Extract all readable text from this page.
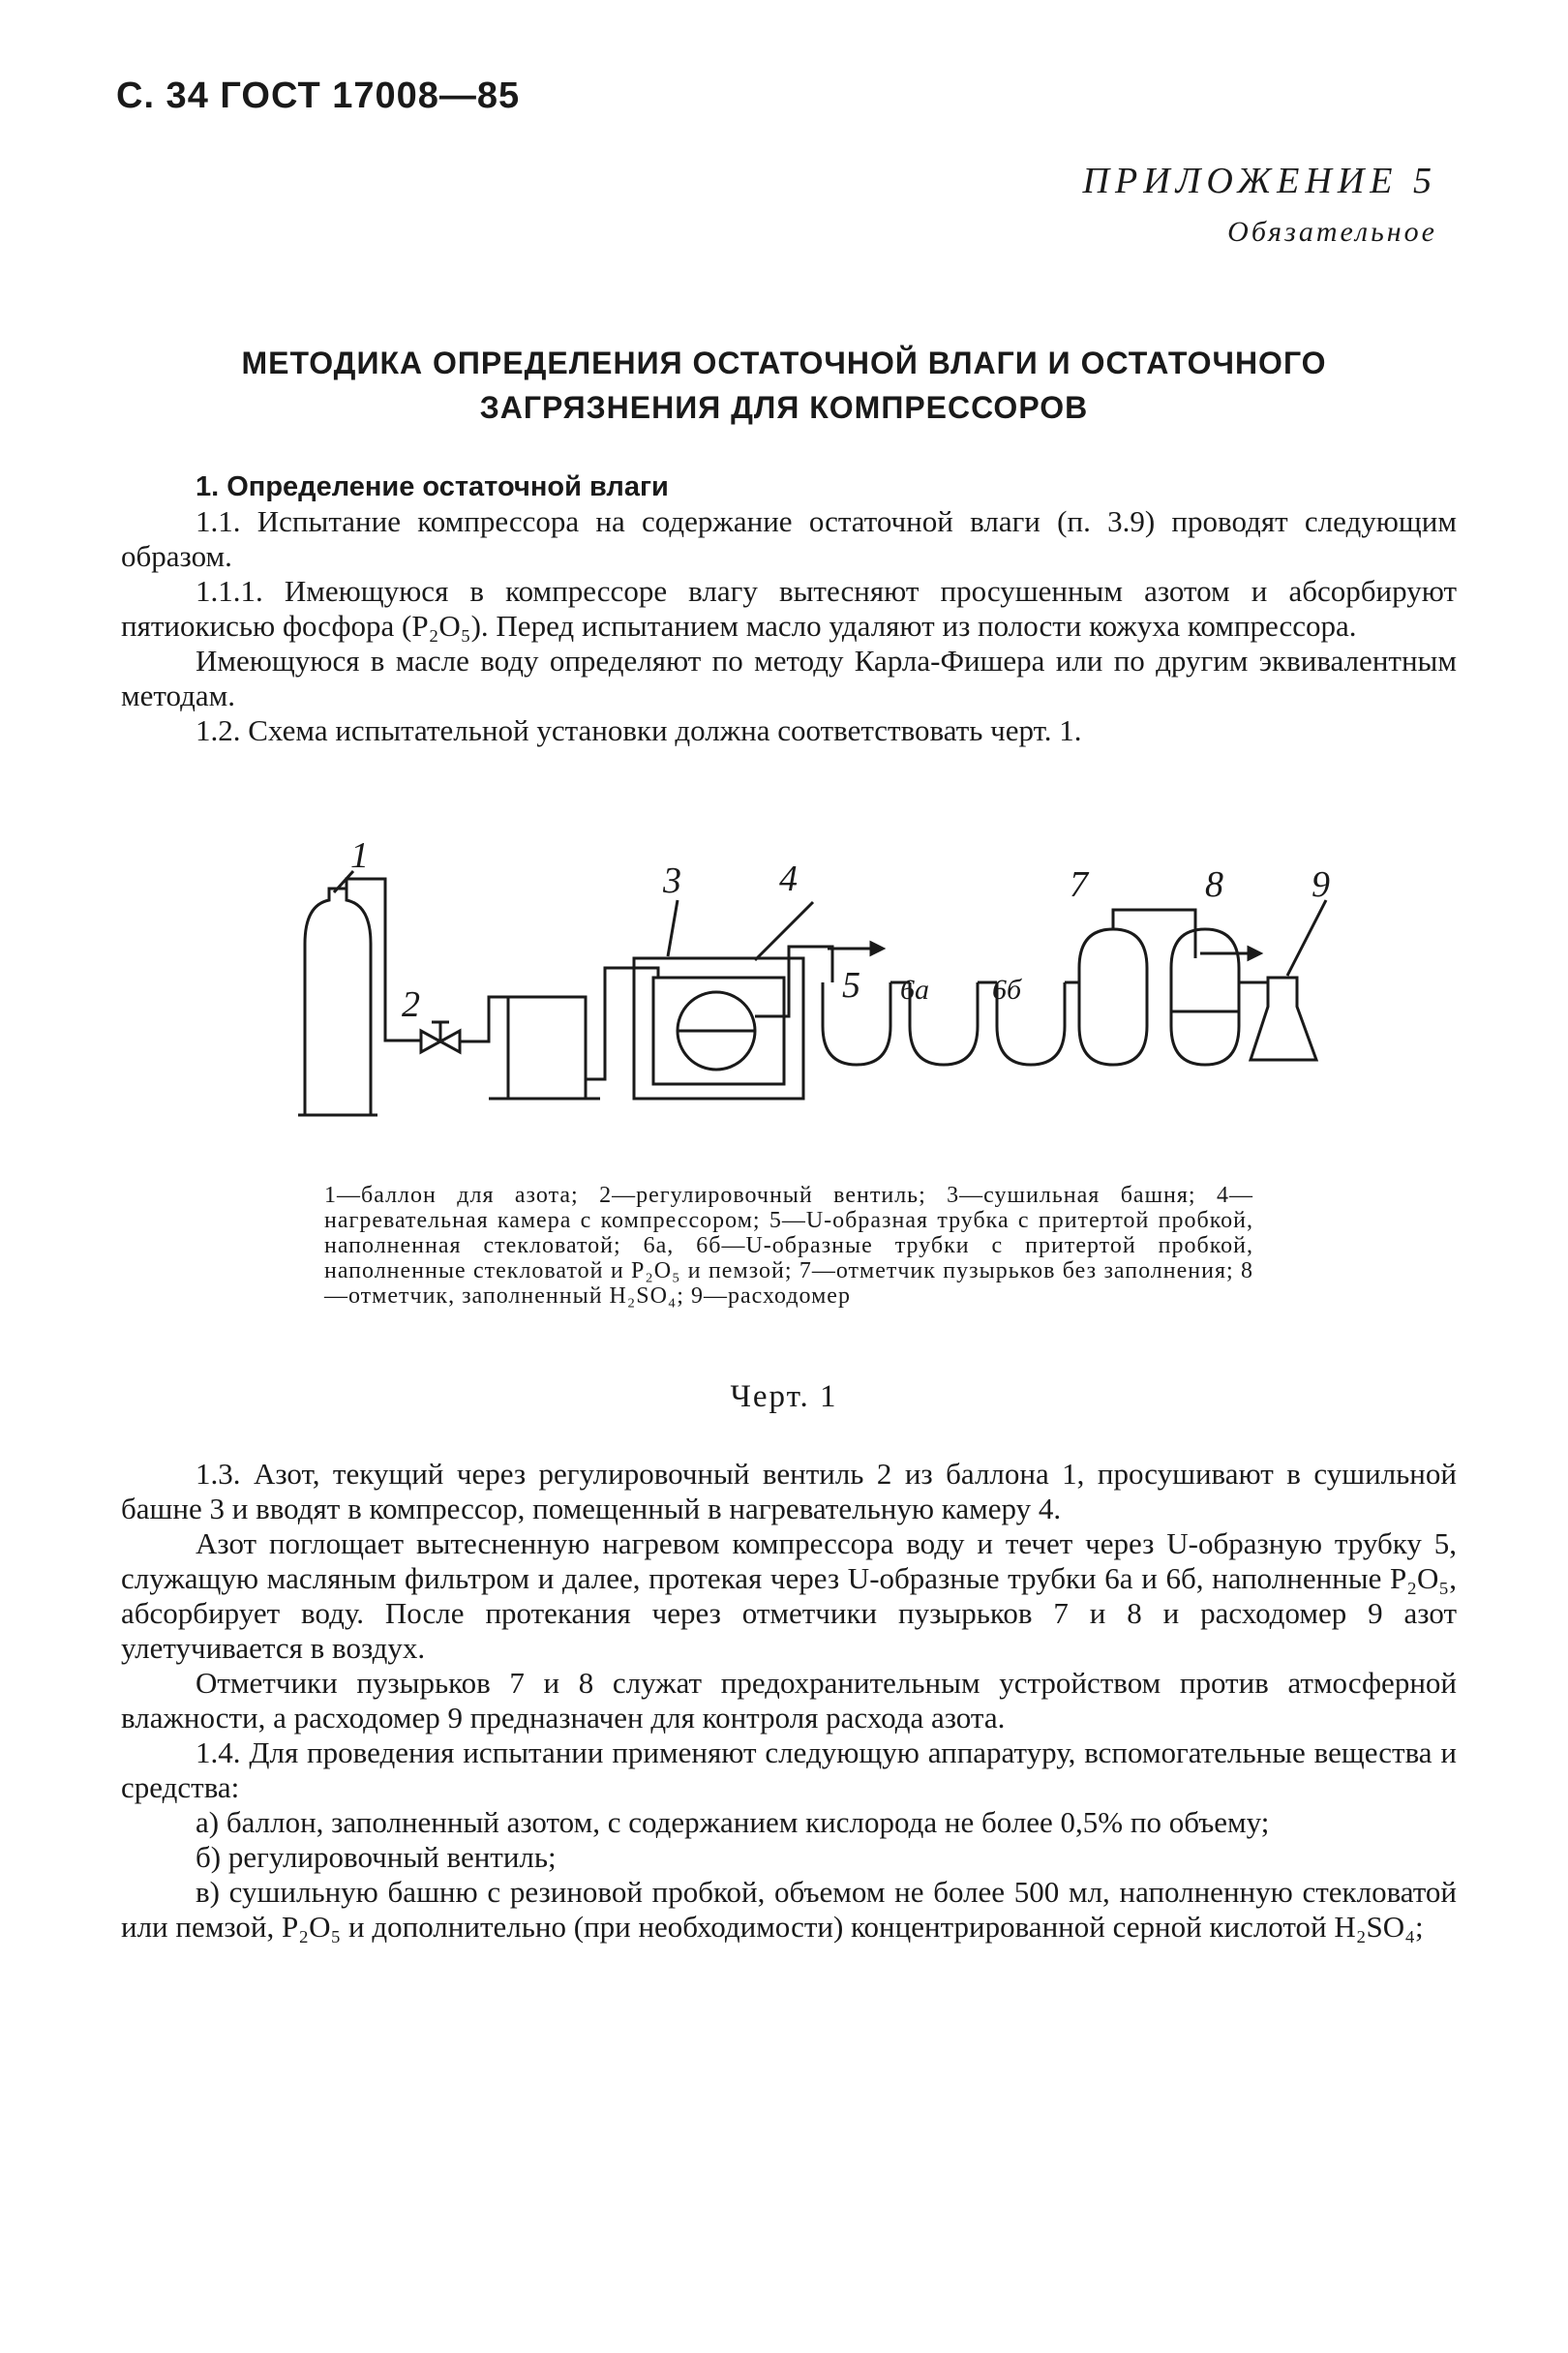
С. 34 ГОСТ 17008—85
ПРИЛОЖЕНИЕ 5
Обязательное
МЕТОДИКА ОПРЕДЕЛЕНИЯ ОСТАТОЧНОЙ ВЛАГИ И ОСТАТОЧНОГО
ЗАГРЯЗНЕНИЯ ДЛЯ КОМПРЕССОРОВ

1. Определение остаточной влаги

1.1. Испытание компрессора на содержание остаточной влаги (п. 3.9) проводят следующим образом.

1.1.1. Имеющуюся в компрессоре влагу вытесняют просушенным азотом и абсорбируют пятиокисью фосфора (P₂O₅). Перед испытанием масло удаляют из полости кожуха компрессора.

Имеющуюся в масле воду определяют по методу Карла-Фишера или по другим эквивалентным методам.

1.2. Схема испытательной установки должна соответствовать черт. 1.

1
2
3	4
5 6а 6б
7	8 9
1—баллон для азота; 2—регулировочный вентиль; 3—сушильная башня; 4—нагревательная камера с компрессором; 5—U-образная трубка с притертой пробкой, наполненная стекловатой; 6а, 6б—U-образные трубки с притертой пробкой, наполненные стекловатой и P₂O₅ и пемзой; 7—отметчик пузырьков без заполнения; 8—отметчик, заполненный H₂SO₄; 9—расходомер
Черт. 1

1.3. Азот, текущий через регулировочный вентиль 2 из баллона 1, просушивают в сушильной башне 3 и вводят в компрессор, помещенный в нагревательную камеру 4.

Азот поглощает вытесненную нагревом компрессора воду и течет через U-образную трубку 5, служащую масляным фильтром и далее, протекая через U-образные трубки 6а и 6б, наполненные P₂O₅, абсорбирует воду. После протекания через отметчики пузырьков 7 и 8 и расходомер 9 азот улетучивается в воздух.

Отметчики пузырьков 7 и 8 служат предохранительным устройством против атмосферной влажности, а расходомер 9 предназначен для контроля расхода азота.

1.4. Для проведения испытании применяют следующую аппаратуру, вспомогательные вещества и средства:

а) баллон, заполненный азотом, с содержанием кислорода не более 0,5% по объему;

б) регулировочный вентиль;

в) сушильную башню с резиновой пробкой, объемом не более 500 мл, наполненную стекловатой или пемзой, P₂O₅ и дополнительно (при необходимости) концентрированной серной кислотой H₂SO₄;
